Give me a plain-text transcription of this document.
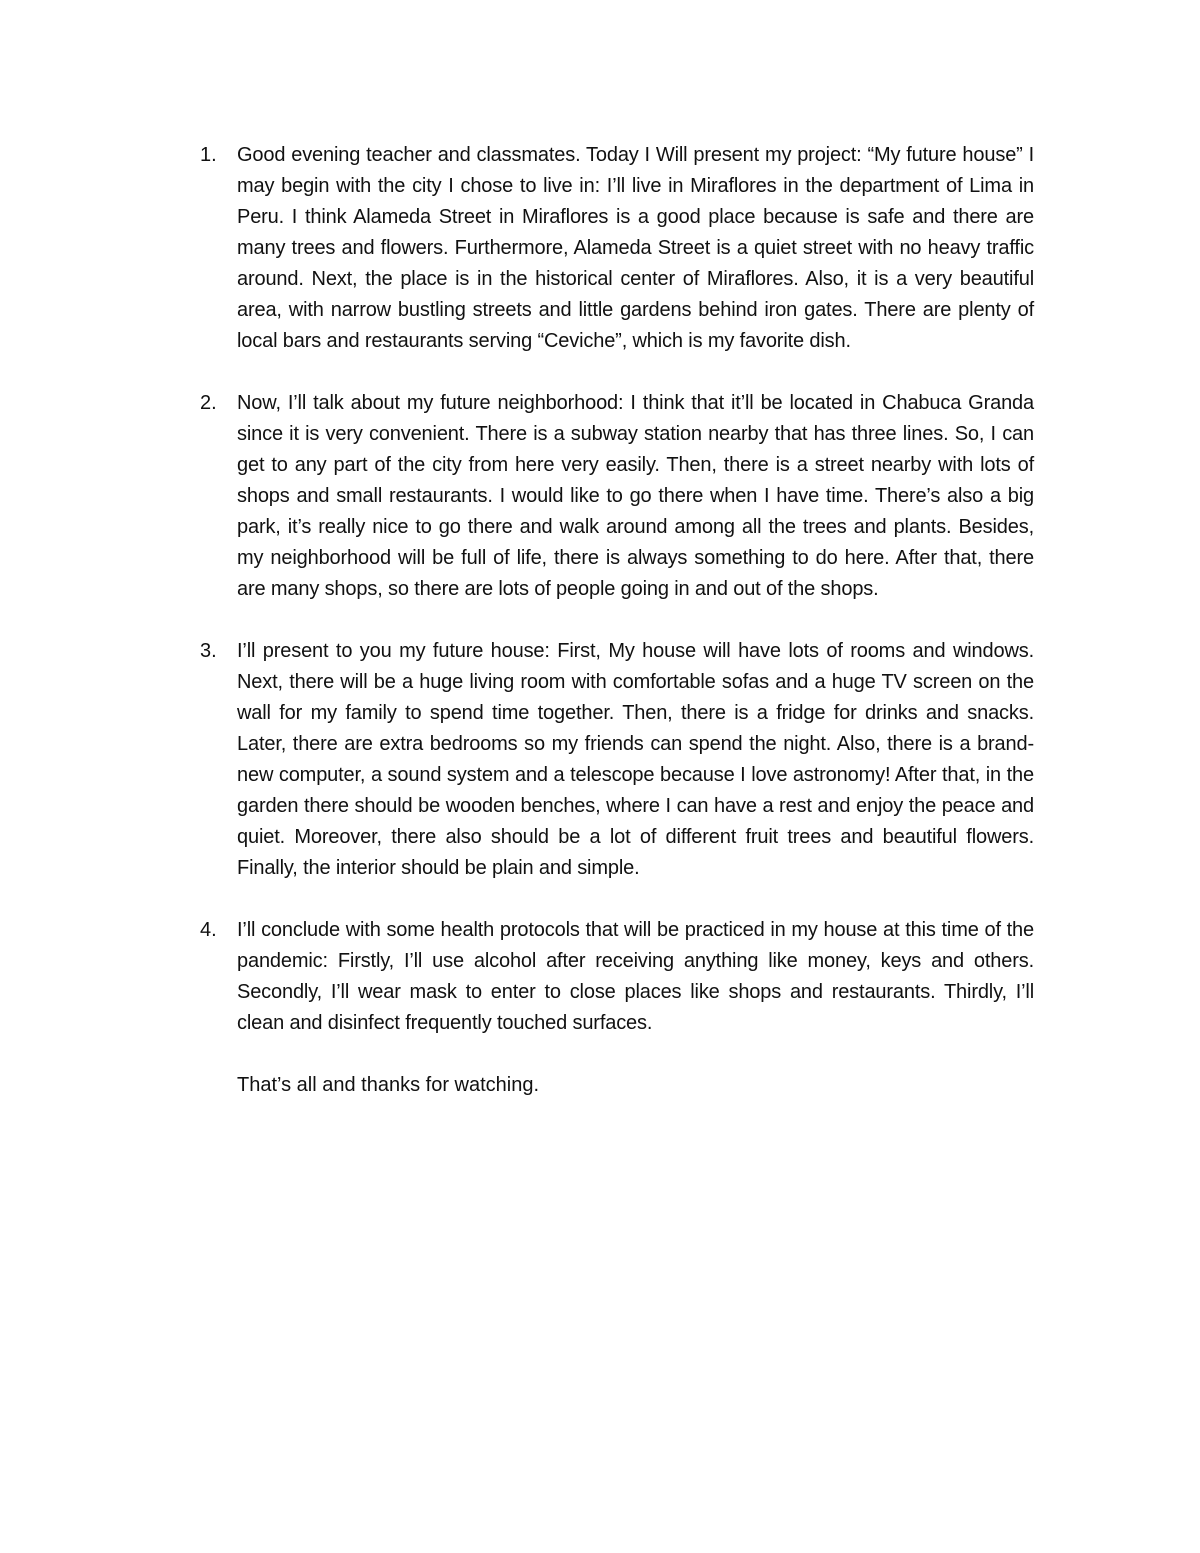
1. Good evening teacher and classmates. Today I Will present my project: “My future house” I may begin with the city I chose to live in: I’ll live in Miraflores in the department of Lima in Peru. I think Alameda Street in Miraflores is a good place because is safe and there are many trees and flowers. Furthermore, Alameda Street is a quiet street with no heavy traffic around. Next, the place is in the historical center of Miraflores. Also, it is a very beautiful area, with narrow bustling streets and little gardens behind iron gates. There are plenty of local bars and restaurants serving “Ceviche”, which is my favorite dish.

2. Now, I’ll talk about my future neighborhood: I think that it’ll be located in Chabuca Granda since it is very convenient. There is a subway station nearby that has three lines. So, I can get to any part of the city from here very easily. Then, there is a street nearby with lots of shops and small restaurants. I would like to go there when I have time. There’s also a big park, it’s really nice to go there and walk around among all the trees and plants. Besides, my neighborhood will be full of life, there is always something to do here. After that, there are many shops, so there are lots of people going in and out of the shops.

3. I’ll present to you my future house: First, My house will have lots of rooms and windows. Next, there will be a huge living room with comfortable sofas and a huge TV screen on the wall for my family to spend time together. Then, there is a fridge for drinks and snacks. Later, there are extra bedrooms so my friends can spend the night. Also, there is a brand-new computer, a sound system and a telescope because I love astronomy! After that, in the garden there should be wooden benches, where I can have a rest and enjoy the peace and quiet. Moreover, there also should be a lot of different fruit trees and beautiful flowers. Finally, the interior should be plain and simple.

4. I’ll conclude with some health protocols that will be practiced in my house at this time of the pandemic: Firstly, I’ll use alcohol after receiving anything like money, keys and others. Secondly, I’ll wear mask to enter to close places like shops and restaurants. Thirdly, I’ll clean and disinfect frequently touched surfaces.

That’s all and thanks for watching.
